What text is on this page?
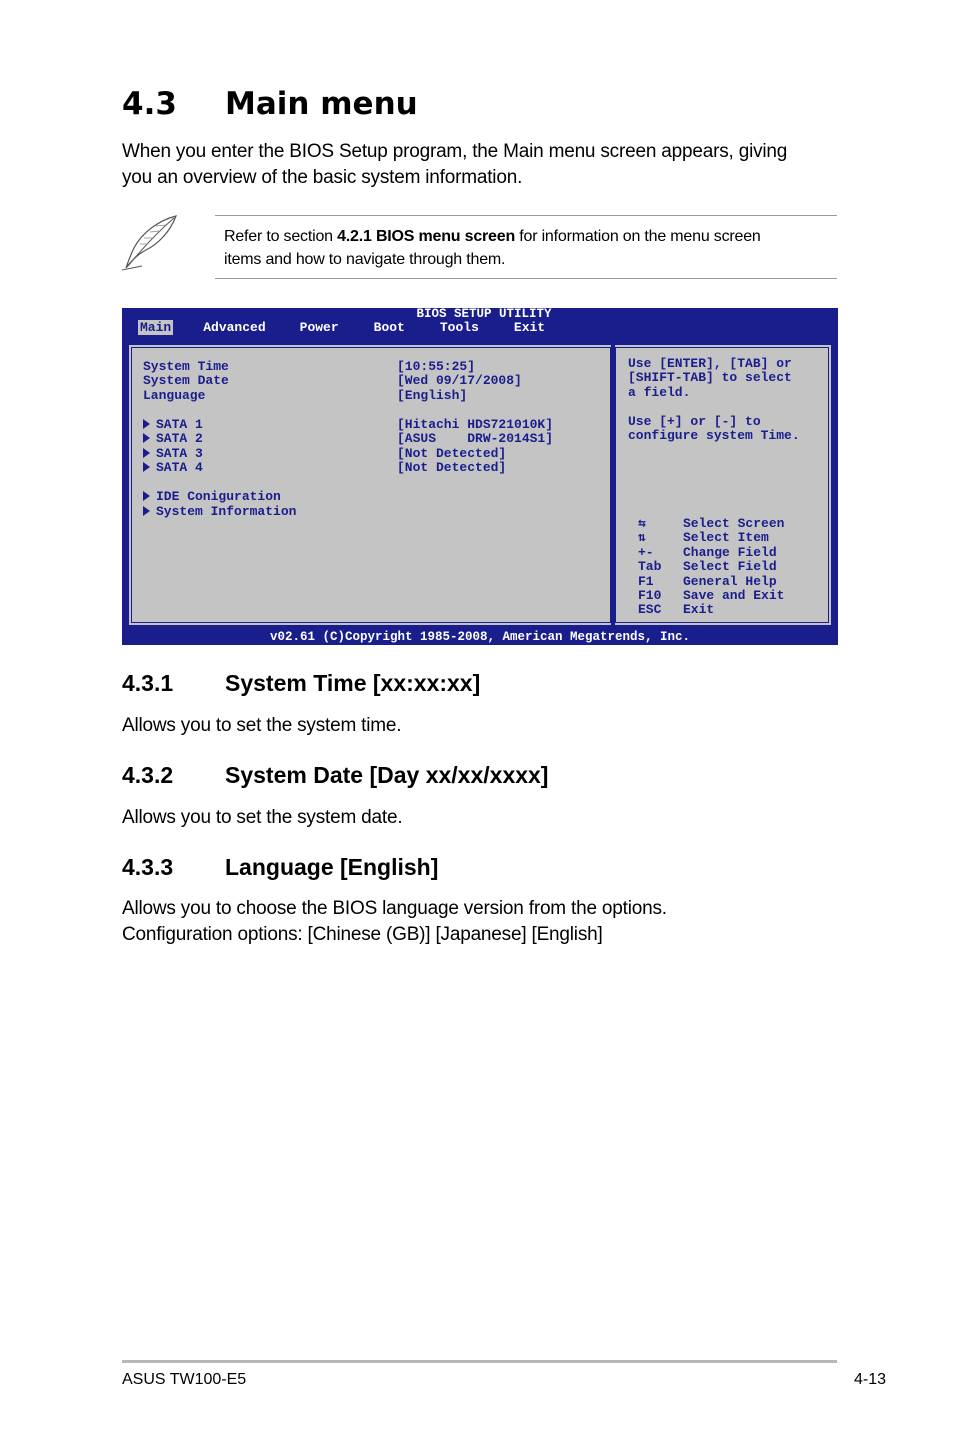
4.3 Main menu
When you enter the BIOS Setup program, the Main menu screen appears, giving
you an overview of the basic system information.
Refer to section 4.2.1 BIOS menu screen for information on the menu screen
items and how to navigate through them.
BIOS SETUP UTILITY
Main Advanced	Power	Boot	Tools	Exit
System Time	[10:55:25]
System Date	[Wed 09/17/2008]
Language	[English]
SATA 1	[Hitachi HDS721010K]
SATA 2	[ASUS    DRW-2014S1]
SATA 3	[Not Detected]
SATA 4	[Not Detected]
IDE Coniguration
System Information
Use [ENTER], [TAB] or
[SHIFT-TAB] to select
a field.
Use [+] or [-] to
configure system Time.
⇆	Select Screen
⇅	Select Item
+- Change Field
Tab Select Field
F1 General Help
F10 Save and Exit
ESC Exit
v02.61 (C)Copyright 1985-2008, American Megatrends, Inc.
4.3.1 System Time [xx:xx:xx]
Allows you to set the system time.
4.3.2 System Date [Day xx/xx/xxxx]
Allows you to set the system date.
4.3.3 Language [English]
Allows you to choose the BIOS language version from the options.
Configuration options: [Chinese (GB)] [Japanese] [English]
ASUS TW100-E5	4-13
